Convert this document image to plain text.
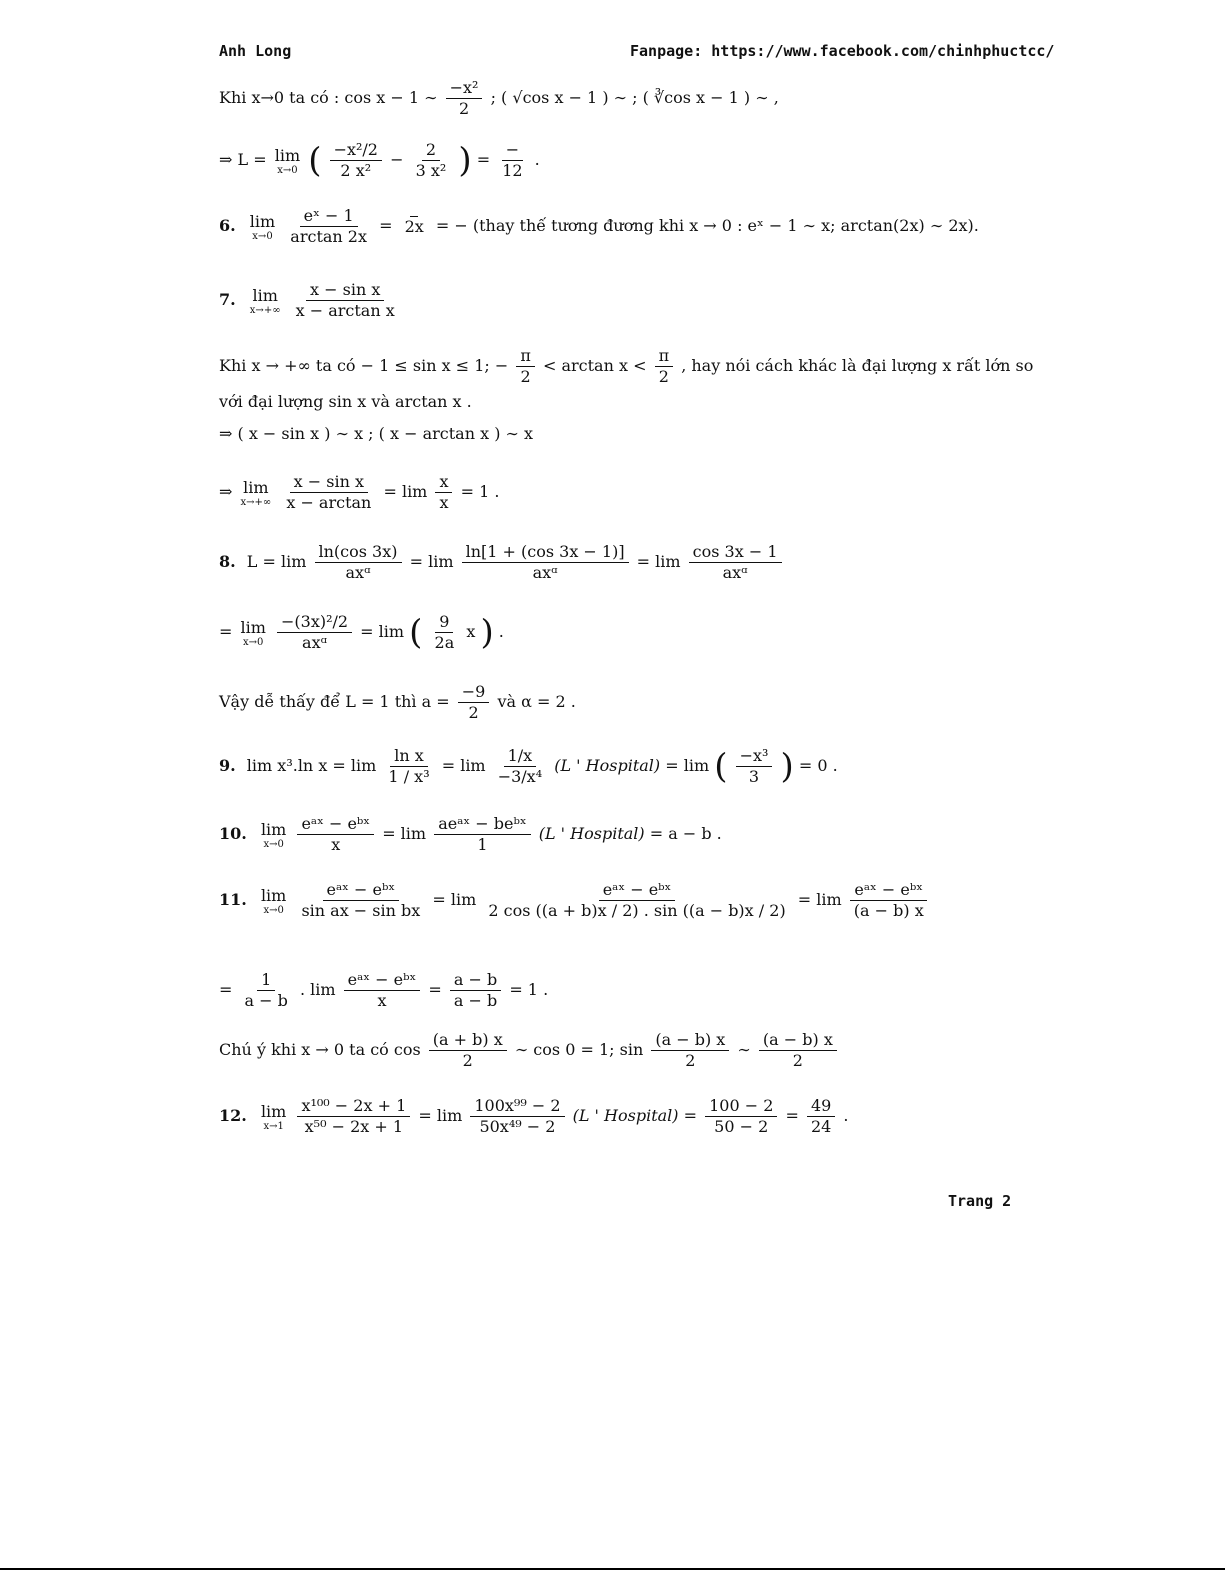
Anh Long	Fanpage: https://www.facebook.com/chinhphuctcc/
Khi x→0 ta có : cos x − 1 ∼ $\frac{\text{−x²}}{2}$ ; ( √cos x − 1 ) ∼ ; ( ∛cos x − 1 ) ∼ ,
⇒ L = lim
x→0 ( $\frac{\text{−x²/2}}{\text{2 x²}} - \frac{2}{\text{3 x²}}$ ) = $\frac{-}{12}$ .
6. lim
x→0
$\frac{\text{eˣ − 1}}{\arctan 2x} = 2x$ = − (thay thế tương đương khi x → 0 : eˣ − 1 ∼ x; arctan(2x) ∼ 2x).
7. lim
x→+∞
$\frac{\text{x − sin x}}{\text{x − arctan x}}$
Khi x → +∞ ta có − 1 ≤ sin x ≤ 1; − $\frac{\pi}{2} < \arctan x < \frac{\pi}{2}$ , hay nói cách khác là đại lượng x rất lớn so
với đại lượng sin x và arctan x .
⇒ ( x − sin x ) ∼ x ; ( x − arctan x ) ∼ x
⇒ lim
x→+∞
$\frac{\text{x − sin x}}{x - \arctan} = \lim \frac{x}{x} = 1$ .
8. $L = \lim \frac{\ln(\cos 3x)}{\text{axᵅ}} = \lim \frac{\ln[1 + (\cos 3x - 1)]}{\text{axᵅ}} = \lim \frac{\cos 3x - 1}{\text{axᵅ}}$
= lim
x→0
$\frac{\text{−(3x)²/2}}{\text{axᵅ}} = \lim$ ( $\frac{9}{2a}$ x ) .
Vậy dễ thấy để L = 1 thì $a = \frac{-9}{2}$ và α = 2 .
9. lim x³.ln $x = \lim \frac{\text{ln x}}{\text{1 / x³}} = \lim \frac{1/x}{\text{−3/x⁴}} (L$ ' Hospital) = lim ( $\frac{\text{−x³}}{3}$ ) = 0 .
10. lim
x→0
$\frac{\text{eᵃˣ − eᵇˣ}}{x} = \lim \frac{\text{aeᵃˣ − beᵇˣ}}{1} (L$ ' Hospital) = a − b .
11. lim
x→0
$\frac{\text{eᵃˣ − eᵇˣ}}{\text{sin ax − sin bx}} = \lim \frac{\text{eᵃˣ − eᵇˣ}}{2 \cos ((a + b)x / 2) . \sin ((a - b)x / 2)} = \lim \frac{\text{eᵃˣ − eᵇˣ}}{(a - b) x}$
= $\frac{1}{a - b}$ . $\lim \frac{\text{eᵃˣ − eᵇˣ}}{x} = \frac{a - b}{a - b} = 1$ .
Chú ý khi x → 0 ta có $\cos \frac{(a + b) x}{2}$ ∼ cos 0 = 1; $\sin \frac{(a - b) x}{2}$ ∼ $\frac{(a - b) x}{2}$
12. lim
x→1
$\frac{\text{x¹⁰⁰ − 2x + 1}}{\text{x⁵⁰ − 2x + 1}} = \lim \frac{\text{100x⁹⁹ − 2}}{\text{50x⁴⁹ − 2}} (L$ ' Hospital) = $\frac{100 - 2}{50 - 2} = \frac{49}{24}$ .
Trang 2
